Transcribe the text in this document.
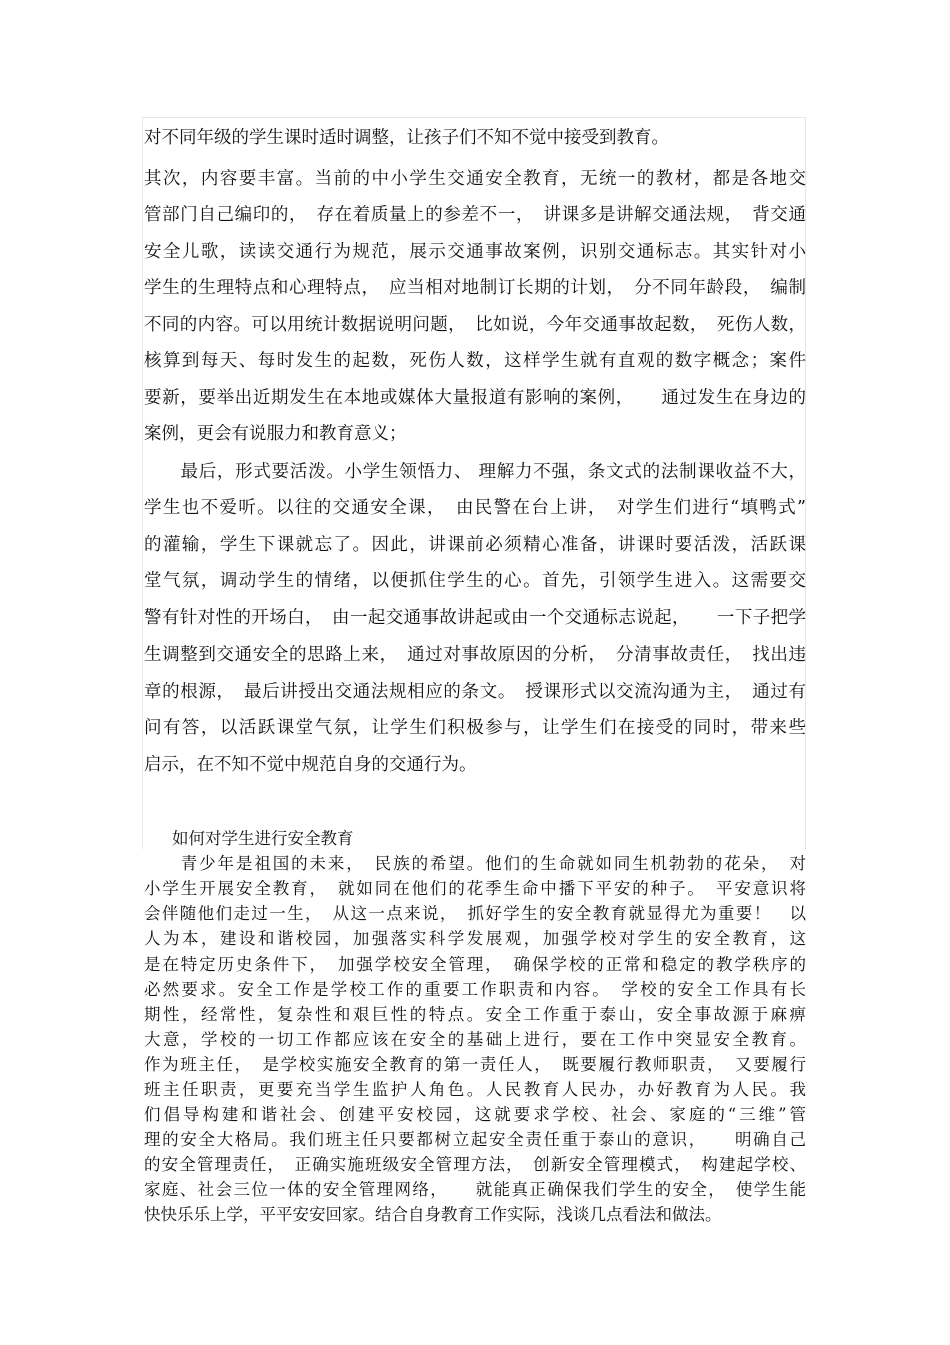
对不同年级的学生课时适时调整，让孩子们不知不觉中接受到教育。
其次，内容要丰富。当前的中小学生交通安全教育，无统一的教材，都是各地交
管部门自己编印的，　存在着质量上的参差不一，　讲课多是讲解交通法规，　背交通
安全儿歌，读读交通行为规范，展示交通事故案例，识别交通标志。其实针对小
学生的生理特点和心理特点，　应当相对地制订长期的计划，　分不同年龄段，　编制
不同的内容。可以用统计数据说明问题，　比如说，今年交通事故起数，　死伤人数，
核算到每天、每时发生的起数，死伤人数，这样学生就有直观的数字概念；案件
要新，要举出近期发生在本地或媒体大量报道有影响的案例，　　通过发生在身边的
案例，更会有说服力和教育意义；
　　最后，形式要活泼。小学生领悟力、 理解力不强，条文式的法制课收益不大，
学生也不爱听。以往的交通安全课，　由民警在台上讲，　对学生们进行“填鸭式”
的灌输，学生下课就忘了。因此，讲课前必须精心准备，讲课时要活泼，活跃课
堂气氛，调动学生的情绪，以便抓住学生的心。首先，引领学生进入。这需要交
警有针对性的开场白，　由一起交通事故讲起或由一个交通标志说起，　　一下子把学
生调整到交通安全的思路上来，　通过对事故原因的分析，　分清事故责任，　找出违
章的根源，　最后讲授出交通法规相应的条文。　授课形式以交流沟通为主，　通过有
问有答，以活跃课堂气氛，让学生们积极参与，让学生们在接受的同时，带来些
启示，在不知不觉中规范自身的交通行为。
如何对学生进行安全教育
　　青少年是祖国的未来，　民族的希望。他们的生命就如同生机勃勃的花朵，　对
小学生开展安全教育，　就如同在他们的花季生命中播下平安的种子。　平安意识将
会伴随他们走过一生，　从这一点来说，　抓好学生的安全教育就显得尤为重要！　以
人为本，建设和谐校园，加强落实科学发展观，加强学校对学生的安全教育，这
是在特定历史条件下，　加强学校安全管理，　确保学校的正常和稳定的教学秩序的
必然要求。安全工作是学校工作的重要工作职责和内容。　学校的安全工作具有长
期性，经常性，复杂性和艰巨性的特点。安全工作重于泰山，安全事故源于麻痹
大意，学校的一切工作都应该在安全的基础上进行，要在工作中突显安全教育。
作为班主任，　是学校实施安全教育的第一责任人，　既要履行教师职责，　又要履行
班主任职责，更要充当学生监护人角色。人民教育人民办，办好教育为人民。我
们倡导构建和谐社会、创建平安校园，这就要求学校、社会、家庭的“三维”管
理的安全大格局。我们班主任只要都树立起安全责任重于泰山的意识，　　明确自己
的安全管理责任，　正确实施班级安全管理方法，　创新安全管理模式，　构建起学校、
家庭、社会三位一体的安全管理网络，　　就能真正确保我们学生的安全，　使学生能
快快乐乐上学，平平安安回家。结合自身教育工作实际，浅谈几点看法和做法。
